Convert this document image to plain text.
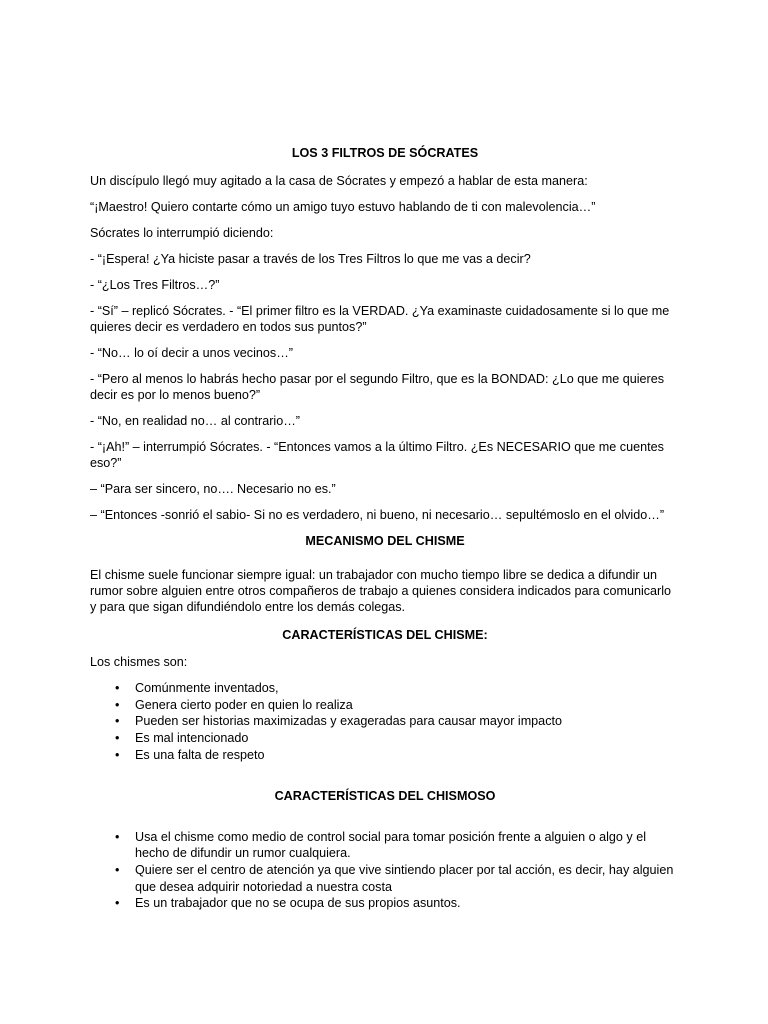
LOS 3 FILTROS DE SÓCRATES

Un discípulo llegó muy agitado a la casa de Sócrates y empezó a hablar de esta manera:

“¡Maestro! Quiero contarte cómo un amigo tuyo estuvo hablando de ti con malevolencia…”

Sócrates lo interrumpió diciendo:

- “¡Espera! ¿Ya hiciste pasar a través de los Tres Filtros lo que me vas a decir?

- “¿Los Tres Filtros…?”

- “Sí” – replicó Sócrates. - “El primer filtro es la VERDAD. ¿Ya examinaste cuidadosamente si lo que me quieres decir es verdadero en todos sus puntos?”

- “No… lo oí decir a unos vecinos…”

- “Pero al menos lo habrás hecho pasar por el segundo Filtro, que es la BONDAD: ¿Lo que me quieres decir es por lo menos bueno?”

- “No, en realidad no… al contrario…”

- “¡Ah!” – interrumpió Sócrates. - “Entonces vamos a la último Filtro. ¿Es NECESARIO que me cuentes eso?”

– “Para ser sincero, no…. Necesario no es.”

– “Entonces -sonrió el sabio- Si no es verdadero, ni bueno, ni necesario… sepultémoslo en el olvido…”

MECANISMO DEL CHISME

El chisme suele funcionar siempre igual: un trabajador con mucho tiempo libre se dedica a difundir un rumor sobre alguien entre otros compañeros de trabajo a quienes considera indicados para comunicarlo y para que sigan difundiéndolo entre los demás colegas.

CARACTERÍSTICAS DEL CHISME:

Los chismes son:

• Comúnmente inventados,
• Genera cierto poder en quien lo realiza
• Pueden ser historias maximizadas y exageradas para causar mayor impacto
• Es mal intencionado
• Es una falta de respeto

CARACTERÍSTICAS DEL CHISMOSO

• Usa el chisme como medio de control social para tomar posición frente a alguien o algo y el hecho de difundir un rumor cualquiera.
• Quiere ser el centro de atención ya que vive sintiendo placer por tal acción, es decir, hay alguien que desea adquirir notoriedad a nuestra costa
• Es un trabajador que no se ocupa de sus propios asuntos.
